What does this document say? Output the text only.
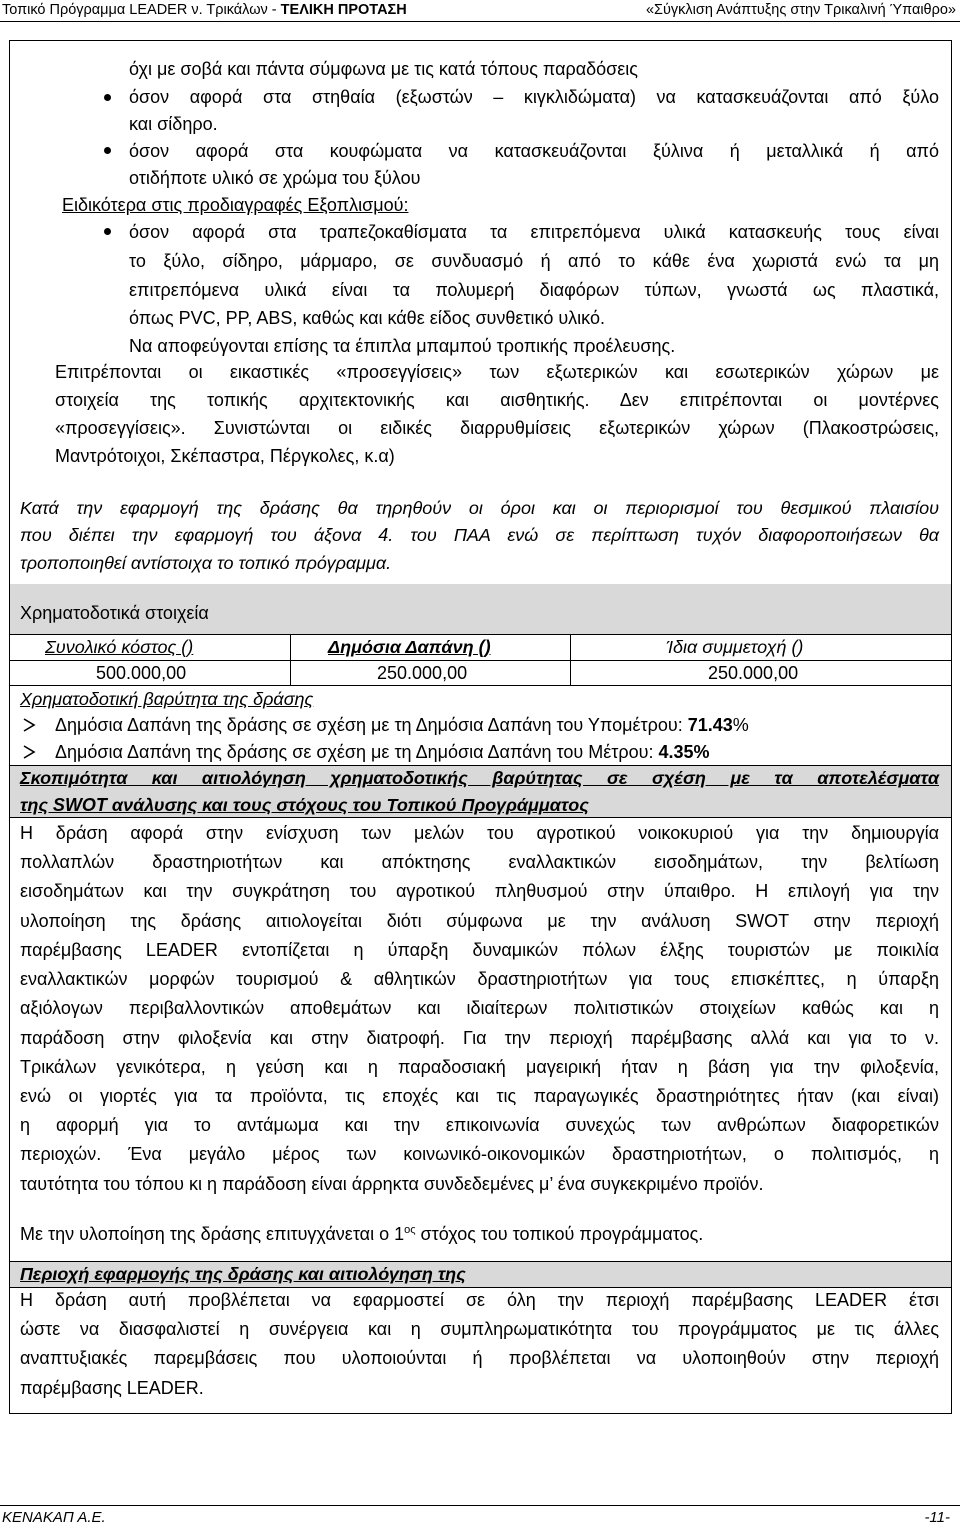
Τοπικό Πρόγραμμα LEADER ν. Τρικάλων - ΤΕΛΙΚΗ ΠΡΟΤΑΣΗ	«Σύγκλιση Ανάπτυξης στην Τρικαλινή Ύπαιθρο»
όχι με σοβά και πάντα σύμφωνα με τις κατά τόπους παραδόσεις
όσον αφορά στα στηθαία (εξωστών – κιγκλιδώματα) να κατασκευάζονται από ξύλο
και σίδηρο.
όσον αφορά στα κουφώματα να κατασκευάζονται ξύλινα ή μεταλλικά ή από
οτιδήποτε υλικό σε χρώμα του ξύλου
Ειδικότερα στις προδιαγραφές Εξοπλισμού:
όσον αφορά στα τραπεζοκαθίσματα τα επιτρεπόμενα υλικά κατασκευής τους είναι
το ξύλο, σίδηρο, μάρμαρο, σε συνδυασμό ή από το κάθε ένα χωριστά ενώ τα μη
επιτρεπόμενα υλικά είναι τα πολυμερή διαφόρων τύπων, γνωστά ως πλαστικά,
όπως PVC, PP, ABS, καθώς και κάθε είδος συνθετικό υλικό.
Να αποφεύγονται επίσης τα έπιπλα μπαμπού τροπικής προέλευσης.
Επιτρέπονται οι εικαστικές «προσεγγίσεις» των εξωτερικών και εσωτερικών χώρων με
στοιχεία της τοπικής αρχιτεκτονικής και αισθητικής. Δεν επιτρέπονται οι μοντέρνες
«προσεγγίσεις». Συνιστώνται οι ειδικές διαρρυθμίσεις εξωτερικών χώρων (Πλακοστρώσεις,
Μαντρότοιχοι, Σκέπαστρα, Πέργκολες, κ.α)
Κατά την εφαρμογή της δράσης θα τηρηθούν οι όροι και οι περιορισμοί του θεσμικού πλαισίου
που διέπει την εφαρμογή του άξονα 4. του ΠΑΑ ενώ σε περίπτωση τυχόν διαφοροποιήσεων θα
τροποποιηθεί αντίστοιχα το τοπικό πρόγραμμα.
Χρηματοδοτικά στοιχεία
Συνολικό κόστος ()	Δημόσια Δαπάνη ()	Ίδια συμμετοχή ()
500.000,00	250.000,00	250.000,00
Χρηματοδοτική βαρύτητα της δράσης
Δημόσια Δαπάνη της δράσης σε σχέση με τη Δημόσια Δαπάνη του Υπομέτρου: 71.43%
Δημόσια Δαπάνη της δράσης σε σχέση με τη Δημόσια Δαπάνη του Μέτρου: 4.35%
Σκοπιμότητα και αιτιολόγηση χρηματοδοτικής βαρύτητας σε σχέση με τα αποτελέσματα
της SWOT ανάλυσης και τους στόχους του Τοπικού Προγράμματος
Η δράση αφορά στην ενίσχυση των μελών του αγροτικού νοικοκυριού για την δημιουργία
πολλαπλών δραστηριοτήτων και απόκτησης εναλλακτικών εισοδημάτων, την βελτίωση
εισοδημάτων και την συγκράτηση του αγροτικού πληθυσμού στην ύπαιθρο. Η επιλογή για την
υλοποίηση της δράσης αιτιολογείται διότι σύμφωνα με την ανάλυση SWOT στην περιοχή
παρέμβασης LEADER εντοπίζεται η ύπαρξη δυναμικών πόλων έλξης τουριστών με ποικιλία
εναλλακτικών μορφών τουρισμού & αθλητικών δραστηριοτήτων για τους επισκέπτες, η ύπαρξη
αξιόλογων περιβαλλοντικών αποθεμάτων και ιδιαίτερων πολιτιστικών στοιχείων καθώς και η
παράδοση στην φιλοξενία και στην διατροφή. Για την περιοχή παρέμβασης αλλά και για το ν.
Τρικάλων γενικότερα, η γεύση και η παραδοσιακή μαγειρική ήταν η βάση για την φιλοξενία,
ενώ οι γιορτές για τα προϊόντα, τις εποχές και τις παραγωγικές δραστηριότητες ήταν (και είναι)
η αφορμή για το αντάμωμα και την επικοινωνία συνεχώς των ανθρώπων διαφορετικών
περιοχών. Ένα μεγάλο μέρος των κοινωνικό-οικονομικών δραστηριοτήτων, ο πολιτισμός, η
ταυτότητα του τόπου κι η παράδοση είναι άρρηκτα συνδεδεμένες μ’ ένα συγκεκριμένο προϊόν.
Με την υλοποίηση της δράσης επιτυγχάνεται ο $1^{o\varsigma}$ στόχος του τοπικού προγράμματος.
Περιοχή εφαρμογής της δράσης και αιτιολόγηση της
Η δράση αυτή προβλέπεται να εφαρμοστεί σε όλη την περιοχή παρέμβασης LEADER έτσι
ώστε να διασφαλιστεί η συνέργεια και η συμπληρωματικότητα του προγράμματος με τις άλλες
αναπτυξιακές παρεμβάσεις που υλοποιούνται ή προβλέπεται να υλοποιηθούν στην περιοχή
παρέμβασης LEADER.
ΚΕΝΑΚΑΠ Α.Ε.	-11-
